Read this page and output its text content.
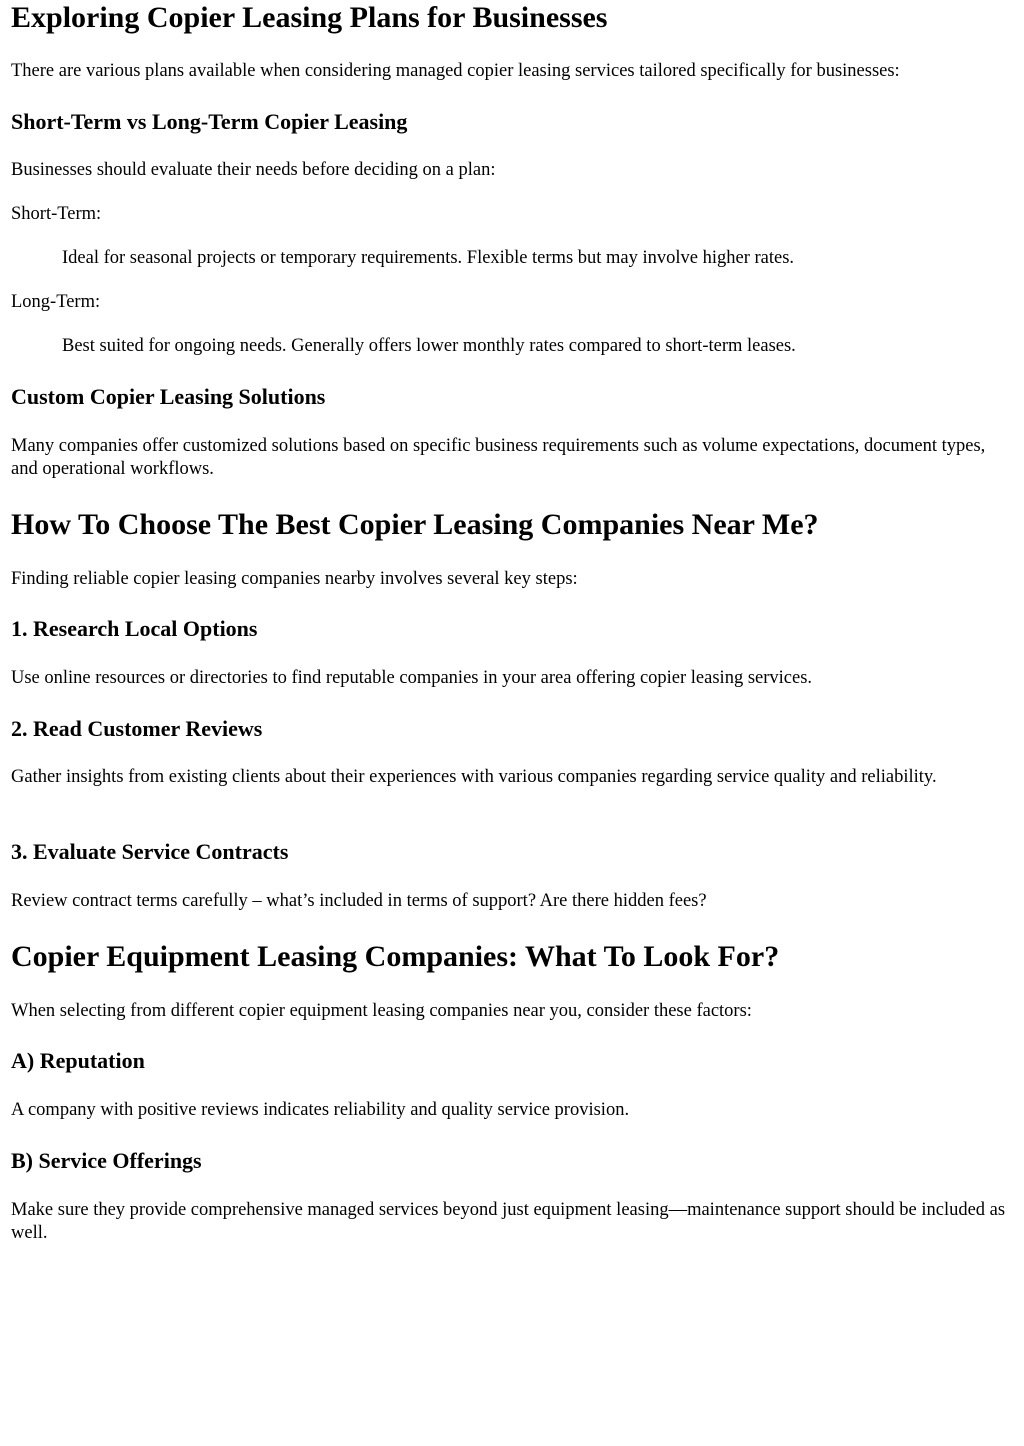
Exploring Copier Leasing Plans for Businesses

There are various plans available when considering managed copier leasing services tailored specifically for businesses:

Short-Term vs Long-Term Copier Leasing

Businesses should evaluate their needs before deciding on a plan:

Short-Term:
Ideal for seasonal projects or temporary requirements. Flexible terms but may involve higher rates.
Long-Term:
Best suited for ongoing needs. Generally offers lower monthly rates compared to short-term leases.
Custom Copier Leasing Solutions

Many companies offer customized solutions based on specific business requirements such as volume expectations, document types, and operational workflows.

How To Choose The Best Copier Leasing Companies Near Me?

Finding reliable copier leasing companies nearby involves several key steps:

1. Research Local Options

Use online resources or directories to find reputable companies in your area offering copier leasing services.

2. Read Customer Reviews

Gather insights from existing clients about their experiences with various companies regarding service quality and reliability.

3. Evaluate Service Contracts

Review contract terms carefully – what’s included in terms of support? Are there hidden fees?

Copier Equipment Leasing Companies: What To Look For?

When selecting from different copier equipment leasing companies near you, consider these factors:

A) Reputation

A company with positive reviews indicates reliability and quality service provision.

B) Service Offerings

Make sure they provide comprehensive managed services beyond just equipment leasing—maintenance support should be included as well.
